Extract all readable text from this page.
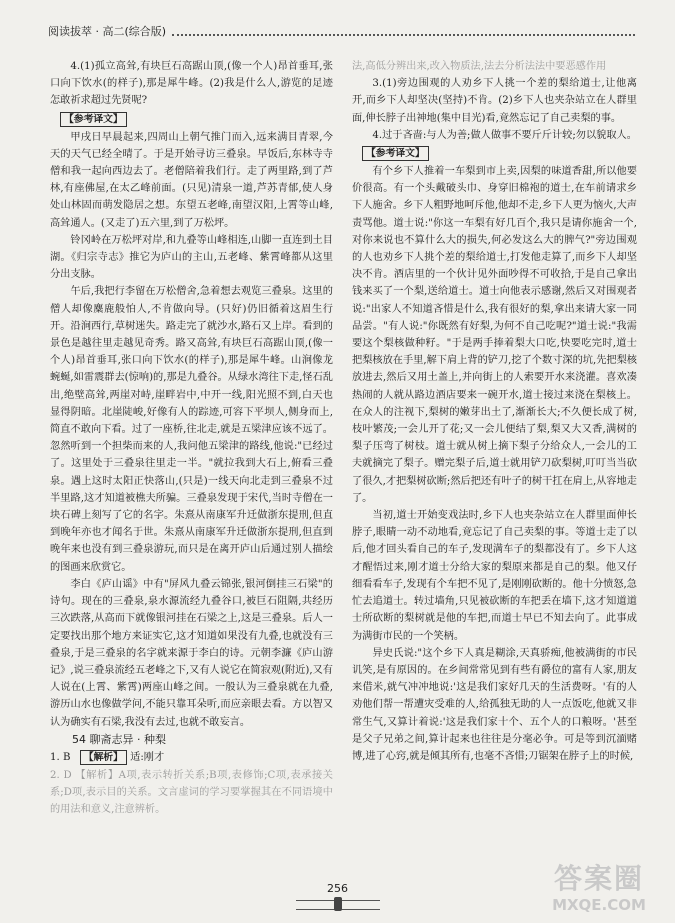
阅读拔萃 · 高二(综合版)

4.(1)孤立高耸,有块巨石高踞山顶,(像一个人)昂首垂耳,张口向下饮水(的样子),那是犀牛峰。(2)我是什么人,游览的足迹怎敢祈求超过先贤呢?

【参考译文】

甲戌日早晨起来,四周山上朝气推门而入,远来满目青翠,今天的天气已经全晴了。于是开始寻访三叠泉。早饭后,东林寺寺僧和我一起向西边去了。老僧陪着我们行。走了两里路,到了芦林,有座佛屋,在太乙峰前面。(只见)清泉一道,芦苏青郁,使人身处山林固而萌发隐居之想。东望五老峰,南望汉阳,上霄等山峰,高耸通人。(又走了)五六里,到了万松坪。

铃冈岭在万松坪对岸,和九叠等山峰相连,山脚一直连到土目湖。《归宗寺志》推它为庐山的主山,五老峰、紫霄峰都从这里分出支脉。

午后,我把行李留在万松僧舍,急着想去观览三叠泉。这里的僧人却像麋鹿般怕人,不肯做向导。(只好)仍旧循着这眉生行开。沿涧西行,草树迷失。路走完了就沙水,路石又上岸。看到的景色是越往里走越见奇秀。路又高耸,有块巨石高踞山顶,(像一个人)昂首垂耳,张口向下饮水(的样子),那是犀牛峰。山涧像龙蜿蜒,如雷震群去(惊响)的,那是九叠谷。从绿水湾往下走,怪石乱出,绝壁高耸,两崖对峙,崖畔岩中,中开一线,阳光照不到,白天也显得阴暗。北崖陡峻,好像有人的踪迹,可容下平坝人,侧身而上,简直不敢向下看。过了一座桥,往北走,就是五梁津应该不远了。忽然听到一个担柴而来的人,我问他五梁津的路线,他说:"已经过了。这里处于三叠泉往里走一半。"就拉我到大石上,俯看三叠泉。遇上这时太阳正快落山,(只是)一线天向北走到三叠泉不过半里路,这才知道被樵夫所骗。三叠泉发现于宋代,当时寺僧在一块石碑上刻写了它的名字。朱熹从南康军升迁做浙东提刑,但直到晚年亦也才闻名于世。朱熹从南康军升迁做浙东提刑,但直到晚年来也没有到三叠泉游玩,而只是在离开庐山后通过别人描绘的图画来欣赏它。

李白《庐山谣》中有"屏风九叠云锦张,银河倒挂三石梁"的诗句。现在的三叠泉,泉水源流经九叠谷口,被巨石阻隔,共经历三次跌落,从高而下就像银河挂在石梁之上,这是三叠泉。后人一定要找出那个地方来证实它,这才知道如果没有九叠,也就没有三叠泉,于是三叠泉的名字就来源于李白的诗。元朝李濂《庐山游记》,说三叠泉流经五老峰之下,又有人说它在简寂观(附近),又有人说在(上霄、紫霄)两座山峰之间。一般认为三叠泉就在九叠,游历山水也像做学问,不能只靠耳朵听,而应亲眼去看。方以智又认为确实有石梁,我没有去过,也就不敢妄言。

54 聊斋志异 · 种梨

1. B 【解析】 适:刚才

2. D 【解析】A项,表示转折关系;B项,表修饰;C项,表承接关系;D项,表示目的关系。文言虚词的学习要掌握其在不同语境中的用法和意义,注意辨析。

法,高低分辨出来,改入物质法,法去分析法法中要恶感作用

3.(1)旁边围观的人劝乡下人挑一个差的梨给道士,让他离开,而乡下人却坚决(坚持)不肯。(2)乡下人也夹杂站立在人群里面,伸长脖子出神地(集中目光)看,竟然忘记了自己卖梨的事。

4.过于吝啬:与人为善;做人做事不要斤斤计较;勿以貌取人。

【参考译文】

有个乡下人推着一车梨到市上卖,因梨的味道香甜,所以他要价很高。有一个头戴破头巾、身穿旧棉袍的道士,在车前请求乡下人施舍。乡下人粗野地呵斥他,他却不走,乡下人更为恼火,大声责骂他。道士说:"你这一车梨有好几百个,我只是请你施舍一个,对你来说也不算什么大的损失,何必发这么大的脾气?"旁边围观的人也劝乡下人挑个差的梨给道士,打发他走算了,而乡下人却坚决不肯。酒店里的一个伙计见外面吵得不可收拾,于是自己拿出钱来买了一个梨,送给道士。道士向他表示感谢,然后又对围观者说:"出家人不知道吝惜是什么,我有很好的梨,拿出来请大家一同品尝。"有人说:"你既然有好梨,为何不自己吃呢?"道士说:"我需要这个梨核做种籽。"于是两手捧着梨大口吃,快要吃完时,道士把梨核放在手里,解下肩上背的铲刀,挖了个数寸深的坑,先把梨核放进去,然后又用土盖上,并向街上的人索要开水来浇灌。喜欢凑热闹的人就从路边酒店要来一碗开水,道士接过来浇在梨核上。在众人的注视下,梨树的嫩芽出土了,渐渐长大;不久便长成了树,枝叶繁茂;一会儿开了花;又一会儿便结了梨,梨又大又香,满树的梨子压弯了树枝。道士就从树上摘下梨子分给众人,一会儿的工夫就摘完了梨子。赠完梨子后,道士就用铲刀砍梨树,叮叮当当砍了很久,才把梨树砍断;然后把还有叶子的树干扛在肩上,从容地走了。

当初,道士开始变戏法时,乡下人也夹杂站立在人群里面伸长脖子,眼睛一动不动地看,竟忘记了自己卖梨的事。等道士走了以后,他才回头看自己的车子,发现满车子的梨都没有了。乡下人这才醒悟过来,刚才道士分给大家的梨原来都是自己的梨。他又仔细看看车子,发现有个车把不见了,是刚刚砍断的。他十分愤怒,急忙去追道士。转过墙角,只见被砍断的车把丢在墙下,这才知道道士所砍断的梨树就是他的车把,而道士早已不知去向了。此事成为满街市民的一个笑柄。

异史氏说:"这个乡下人真是糊涂,天真骄痴,他被满街的市民讥笑,是有原因的。在乡间常常见到有些有爵位的富有人家,朋友来借米,就气冲冲地说:'这是我们家好几天的生活费呀。'有的人劝他们帮一帮遭灾受难的人,给孤独无助的人一点饭吃,他就又非常生气,又算计着说:'这是我们家十个、五个人的口粮呀。'甚至是父子兄弟之间,算计起来也往往是分毫必争。可是等到沉湎赌博,进了心窍,就是倾其所有,也毫不吝惜;刀锯架在脖子上的时候,

256	答案圈
MXQE.COM
